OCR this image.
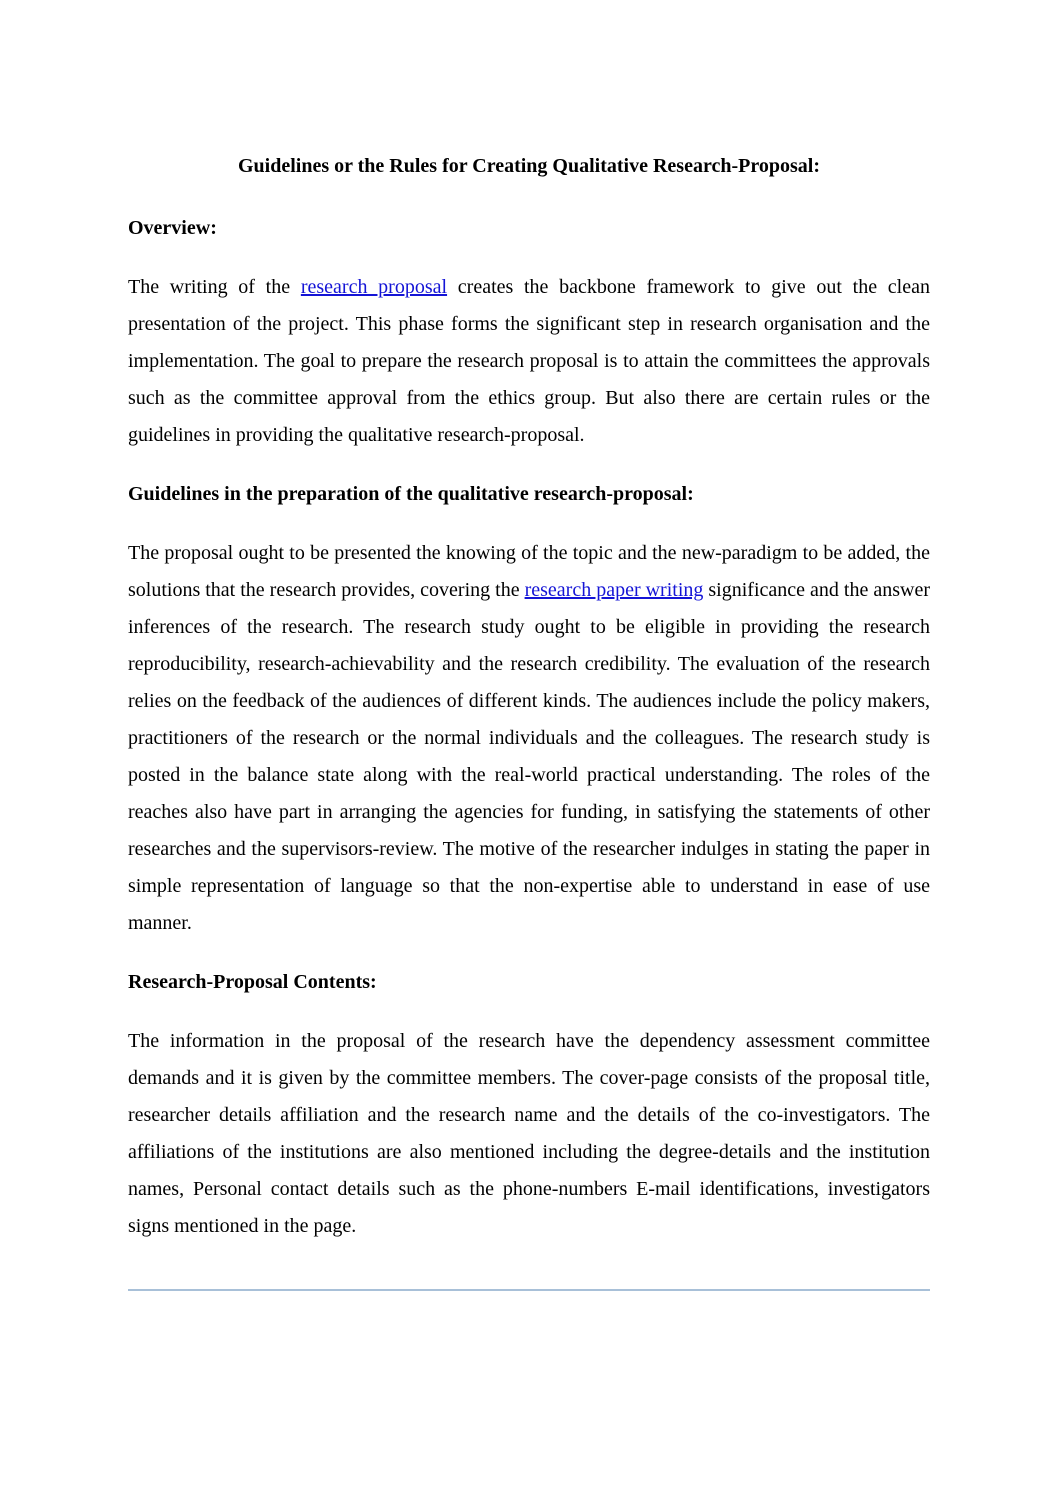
Guidelines or the Rules for Creating Qualitative Research-Proposal:
Overview:

The writing of the research proposal creates the backbone framework to give out the clean presentation of the project. This phase forms the significant step in research organisation and the implementation. The goal to prepare the research proposal is to attain the committees the approvals such as the committee approval from the ethics group. But also there are certain rules or the guidelines in providing the qualitative research-proposal.

Guidelines in the preparation of the qualitative research-proposal:

The proposal ought to be presented the knowing of the topic and the new-paradigm to be added, the solutions that the research provides, covering the research paper writing significance and the answer inferences of the research. The research study ought to be eligible in providing the research reproducibility, research-achievability and the research credibility. The evaluation of the research relies on the feedback of the audiences of different kinds. The audiences include the policy makers, practitioners of the research or the normal individuals and the colleagues. The research study is posted in the balance state along with the real-world practical understanding. The roles of the reaches also have part in arranging the agencies for funding, in satisfying the statements of other researches and the supervisors-review. The motive of the researcher indulges in stating the paper in simple representation of language so that the non-expertise able to understand in ease of use manner.

Research-Proposal Contents:

The information in the proposal of the research have the dependency assessment committee demands and it is given by the committee members. The cover-page consists of the proposal title, researcher details affiliation and the research name and the details of the co-investigators. The affiliations of the institutions are also mentioned including the degree-details and the institution names, Personal contact details such as the phone-numbers E-mail identifications, investigators signs mentioned in the page.
